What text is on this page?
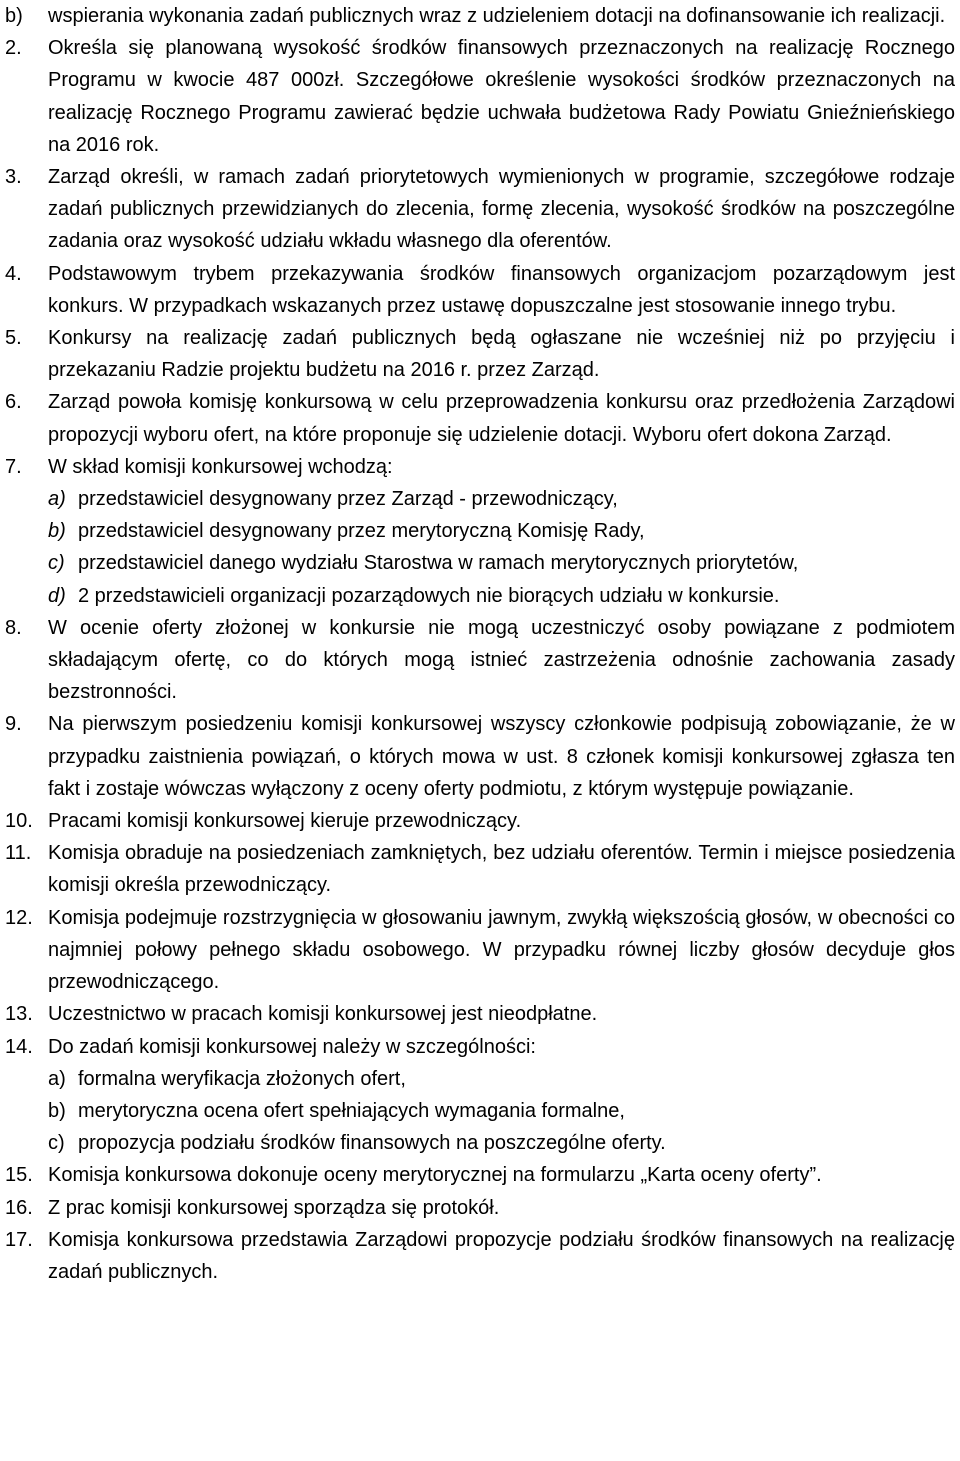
b)	wspierania wykonania zadań publicznych wraz z udzieleniem dotacji na dofinansowanie ich realizacji.
2.	Określa się planowaną wysokość środków finansowych przeznaczonych na realizację Rocznego Programu w kwocie 487 000zł. Szczegółowe określenie wysokości środków przeznaczonych na realizację Rocznego Programu zawierać będzie uchwała budżetowa Rady Powiatu Gnieźnieńskiego na 2016 rok.
3.	Zarząd określi, w ramach zadań priorytetowych wymienionych w programie, szczegółowe rodzaje zadań publicznych przewidzianych do zlecenia, formę zlecenia, wysokość środków na poszczególne zadania oraz wysokość udziału wkładu własnego dla oferentów.
4.	Podstawowym trybem przekazywania środków finansowych organizacjom pozarządowym jest konkurs. W przypadkach wskazanych przez ustawę dopuszczalne jest stosowanie innego trybu.
5.	Konkursy na realizację zadań publicznych będą ogłaszane nie wcześniej niż po przyjęciu i przekazaniu Radzie projektu budżetu na 2016 r. przez Zarząd.
6.	Zarząd powoła komisję konkursową w celu przeprowadzenia konkursu oraz przedłożenia Zarządowi propozycji wyboru ofert, na które proponuje się udzielenie dotacji. Wyboru ofert dokona Zarząd.
7.	W skład komisji konkursowej wchodzą:
a) przedstawiciel desygnowany przez Zarząd - przewodniczący,
b) przedstawiciel desygnowany przez merytoryczną Komisję Rady,
c) przedstawiciel danego wydziału Starostwa w ramach merytorycznych priorytetów,
d) 2 przedstawicieli organizacji pozarządowych nie biorących udziału w konkursie.
8.	W ocenie oferty złożonej w konkursie nie mogą uczestniczyć osoby powiązane z podmiotem składającym ofertę, co do których mogą istnieć zastrzeżenia odnośnie zachowania zasady bezstronności.
9.	Na pierwszym posiedzeniu komisji konkursowej wszyscy członkowie podpisują zobowiązanie, że w przypadku zaistnienia powiązań, o których mowa w ust. 8 członek komisji konkursowej zgłasza ten fakt i zostaje wówczas wyłączony z oceny oferty podmiotu, z którym występuje powiązanie.
10. Pracami komisji konkursowej kieruje przewodniczący.
11. Komisja obraduje na posiedzeniach zamkniętych, bez udziału oferentów. Termin i miejsce posiedzenia komisji określa przewodniczący.
12. Komisja podejmuje rozstrzygnięcia w głosowaniu jawnym, zwykłą większością głosów, w obecności co najmniej połowy pełnego składu osobowego. W przypadku równej liczby głosów decyduje głos przewodniczącego.
13. Uczestnictwo w pracach komisji konkursowej jest nieodpłatne.
14. Do zadań komisji konkursowej należy w szczególności:
a) formalna weryfikacja złożonych ofert,
b) merytoryczna ocena ofert spełniających wymagania formalne,
c) propozycja podziału środków finansowych na poszczególne oferty.
15. Komisja konkursowa dokonuje oceny merytorycznej na formularzu „Karta oceny oferty”.
16. Z prac komisji konkursowej sporządza się protokół.
17. Komisja konkursowa przedstawia Zarządowi propozycje podziału środków finansowych na realizację zadań publicznych.
